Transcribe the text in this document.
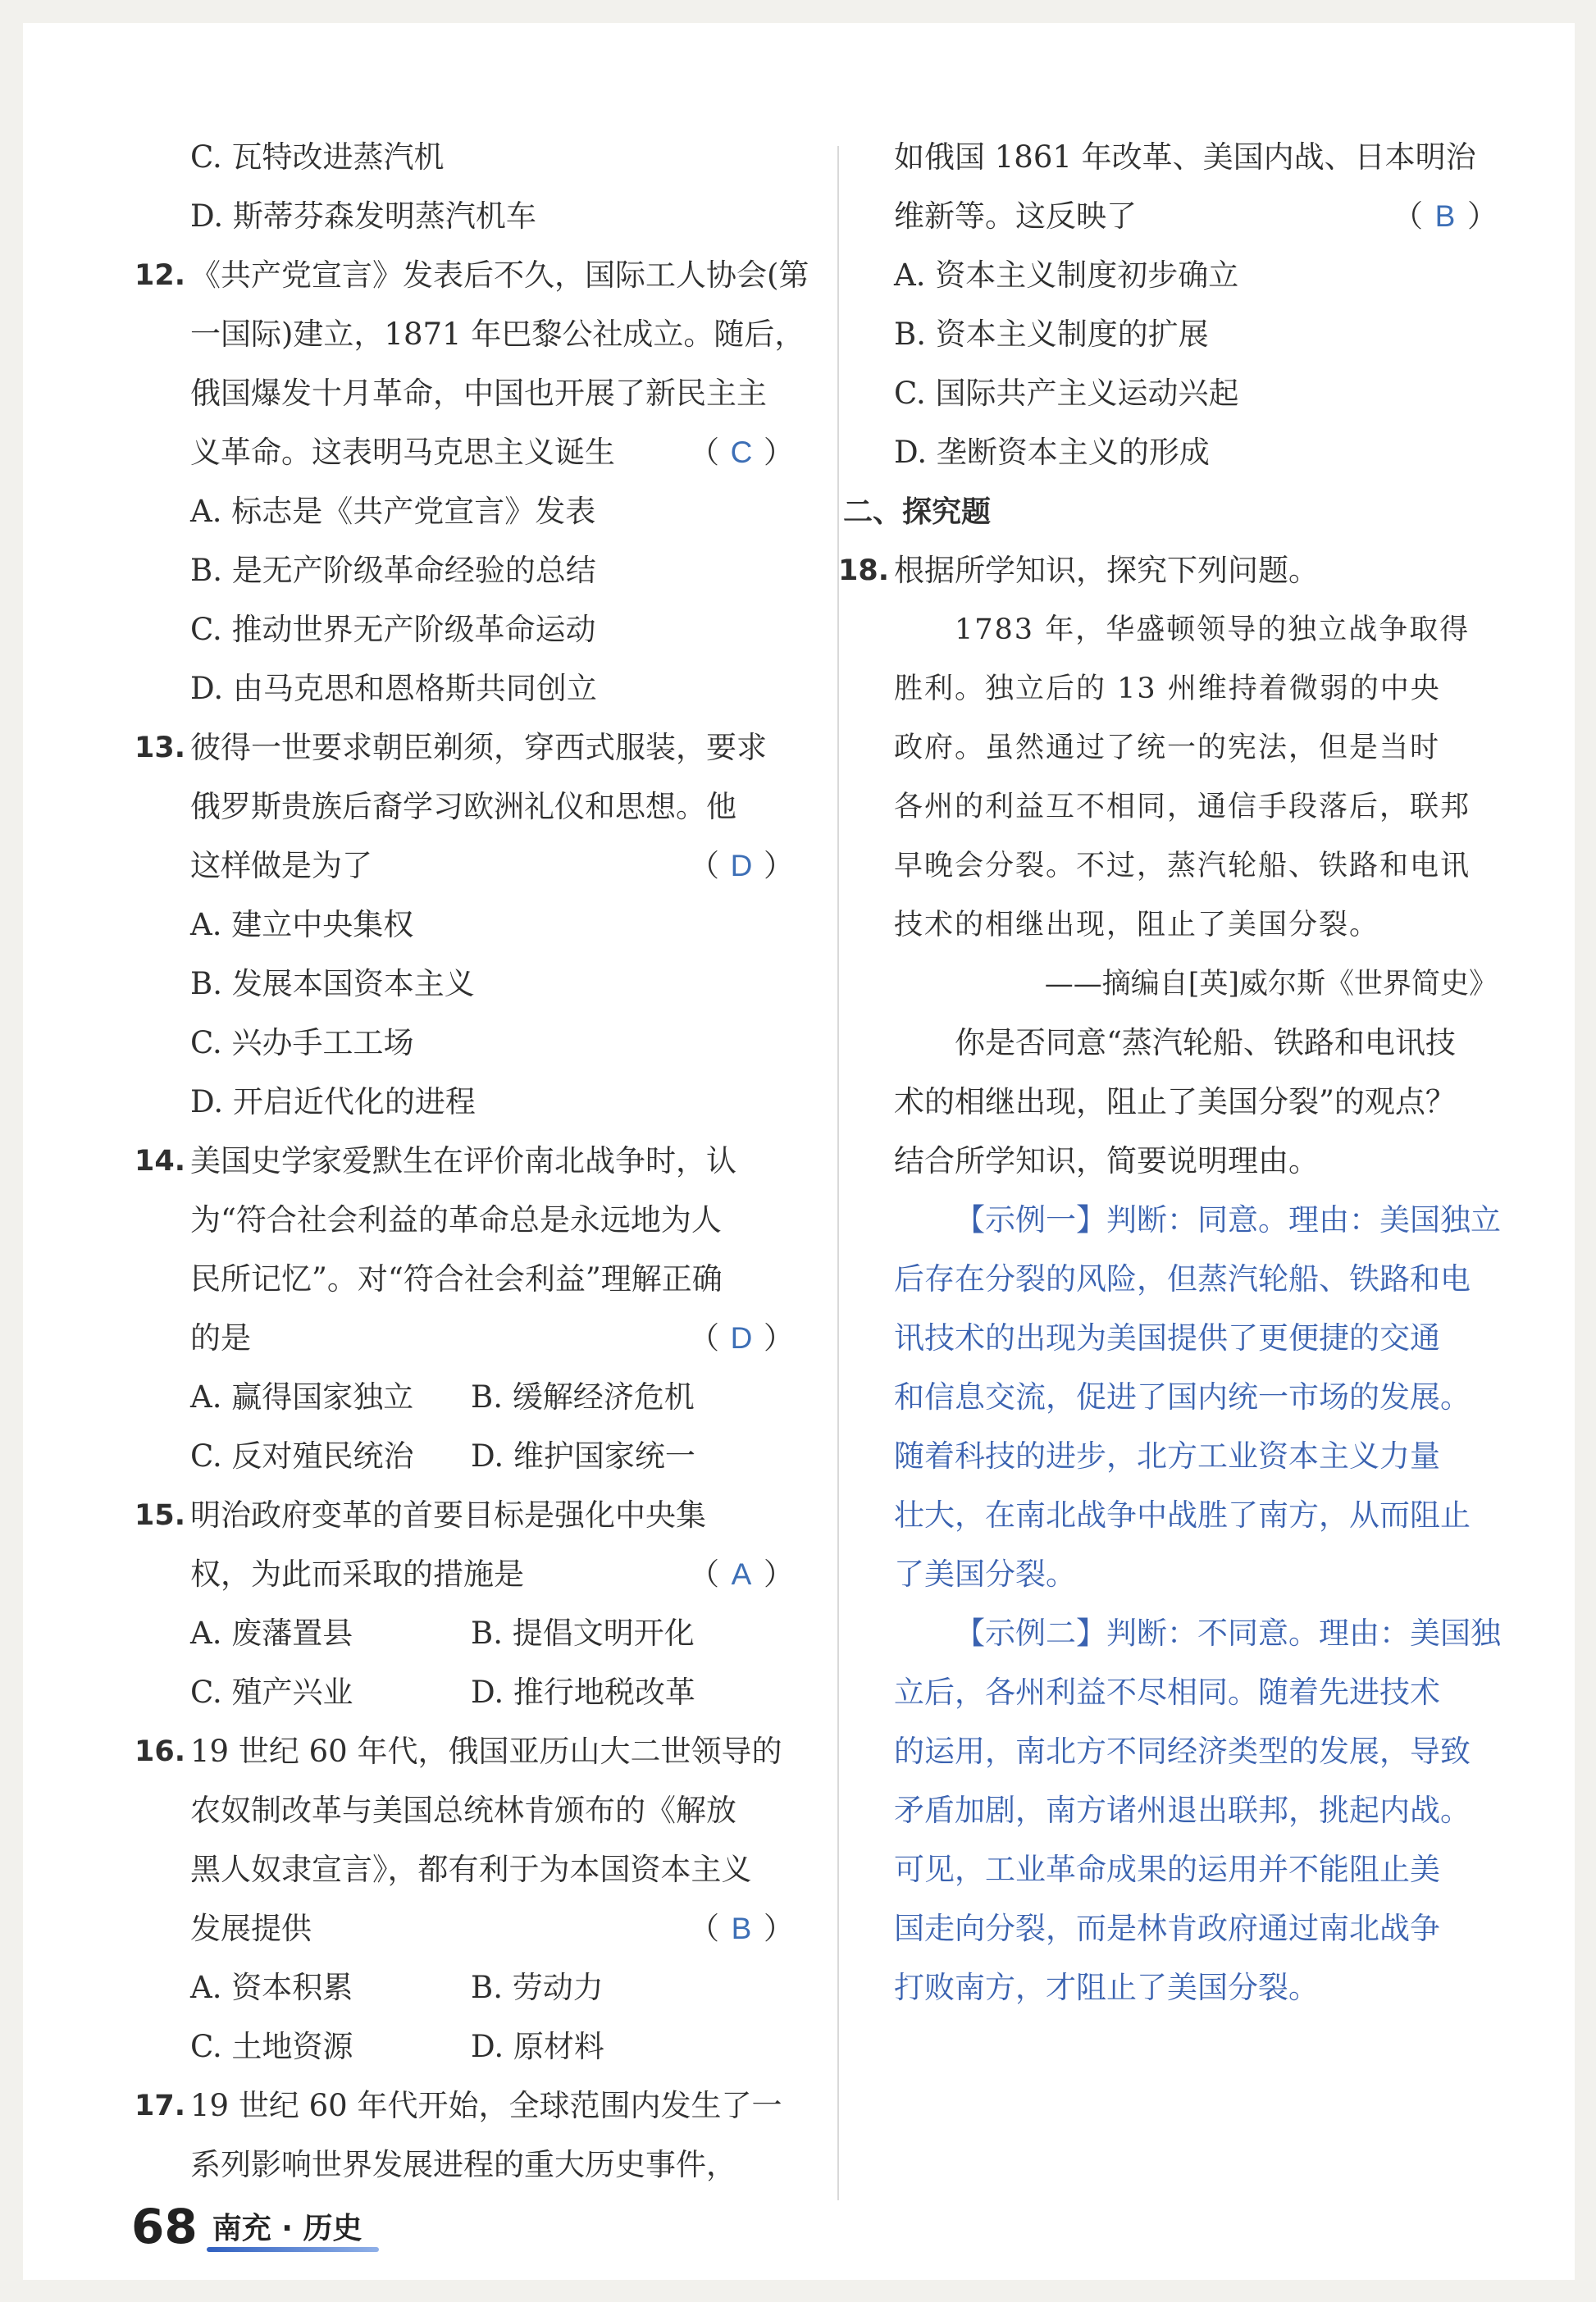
C. 瓦特改进蒸汽机
D. 斯蒂芬森发明蒸汽机车
12. 《共产党宣言》发表后不久，国际工人协会(第
一国际)建立，1871 年巴黎公社成立。随后，
俄国爆发十月革命，中国也开展了新民主主
义革命。这表明马克思主义诞生	（ C ）
A. 标志是《共产党宣言》发表
B. 是无产阶级革命经验的总结
C. 推动世界无产阶级革命运动
D. 由马克思和恩格斯共同创立
13. 彼得一世要求朝臣剃须，穿西式服装，要求
俄罗斯贵族后裔学习欧洲礼仪和思想。他
这样做是为了	（ D ）
A. 建立中央集权
B. 发展本国资本主义
C. 兴办手工工场
D. 开启近代化的进程
14. 美国史学家爱默生在评价南北战争时，认
为“符合社会利益的革命总是永远地为人
民所记忆”。对“符合社会利益”理解正确
的是	（ D ）
A. 赢得国家独立	B. 缓解经济危机
C. 反对殖民统治	D. 维护国家统一
15. 明治政府变革的首要目标是强化中央集
权，为此而采取的措施是	（ A ）
A. 废藩置县	B. 提倡文明开化
C. 殖产兴业	D. 推行地税改革
16. 19 世纪 60 年代，俄国亚历山大二世领导的
农奴制改革与美国总统林肯颁布的《解放
黑人奴隶宣言》，都有利于为本国资本主义
发展提供	（ B ）
A. 资本积累	B. 劳动力
C. 土地资源	D. 原材料
17. 19 世纪 60 年代开始，全球范围内发生了一
系列影响世界发展进程的重大历史事件，
如俄国 1861 年改革、美国内战、日本明治
维新等。这反映了	（ B ）
A. 资本主义制度初步确立
B. 资本主义制度的扩展
C. 国际共产主义运动兴起
D. 垄断资本主义的形成
二、探究题
18. 根据所学知识，探究下列问题。
1783 年，华盛顿领导的独立战争取得
胜利。独立后的 13 州维持着微弱的中央
政府。虽然通过了统一的宪法，但是当时
各州的利益互不相同，通信手段落后，联邦
早晚会分裂。不过，蒸汽轮船、铁路和电讯
技术的相继出现，阻止了美国分裂。
——摘编自[英]威尔斯《世界简史》
你是否同意“蒸汽轮船、铁路和电讯技
术的相继出现，阻止了美国分裂”的观点？
结合所学知识，简要说明理由。
【示例一】判断：同意。理由：美国独立
后存在分裂的风险，但蒸汽轮船、铁路和电
讯技术的出现为美国提供了更便捷的交通
和信息交流，促进了国内统一市场的发展。
随着科技的进步，北方工业资本主义力量
壮大，在南北战争中战胜了南方，从而阻止
了美国分裂。
【示例二】判断：不同意。理由：美国独
立后，各州利益不尽相同。随着先进技术
的运用，南北方不同经济类型的发展，导致
矛盾加剧，南方诸州退出联邦，挑起内战。
可见，工业革命成果的运用并不能阻止美
国走向分裂，而是林肯政府通过南北战争
打败南方，才阻止了美国分裂。
68 南充 · 历史
